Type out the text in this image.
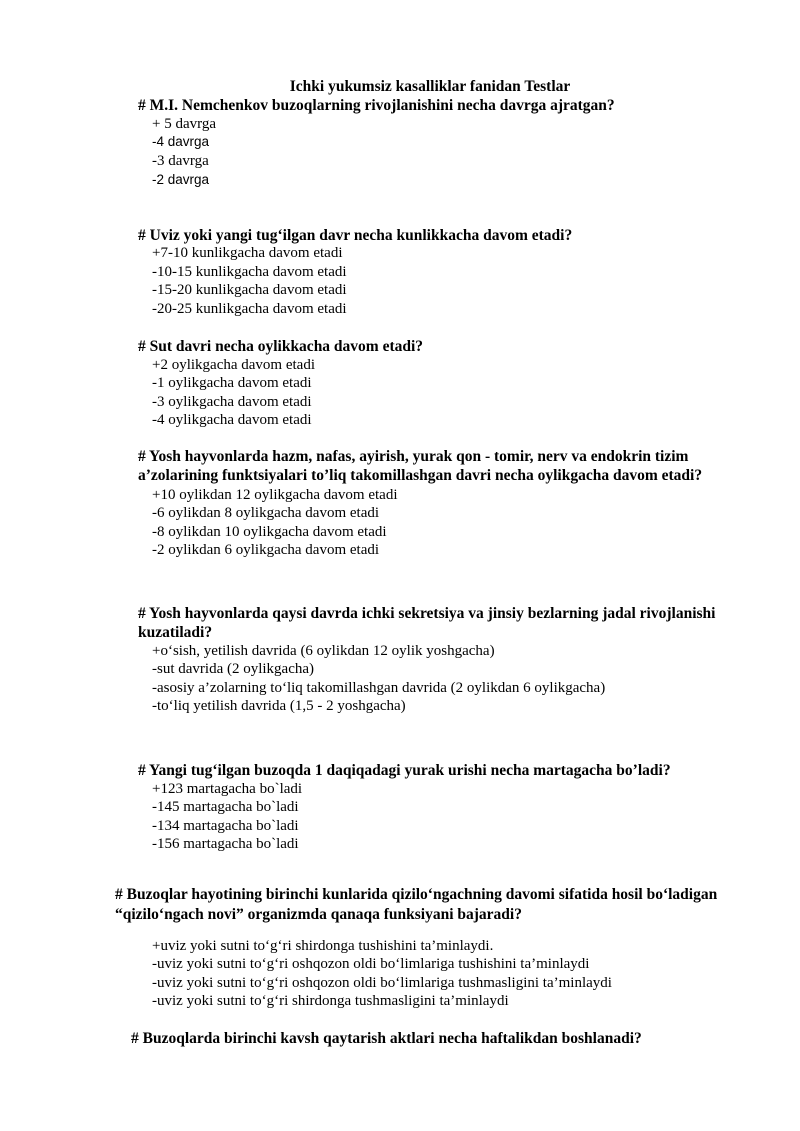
Ichki yukumsiz kasalliklar fanidan Testlar
# M.I. Nemchenkov buzoqlarning rivojlanishini necha davrga ajratgan?
+ 5 davrga
-4 davrga
-3 davrga
-2 davrga
# Uviz yoki yangi tug‘ilgan davr necha kunlikkacha davom etadi?
+7-10 kunlikgacha davom etadi
-10-15 kunlikgacha davom etadi
-15-20 kunlikgacha davom etadi
-20-25 kunlikgacha davom etadi
# Sut davri necha oylikkacha davom etadi?
+2 oylikgacha davom etadi
-1 oylikgacha davom etadi
-3 oylikgacha davom etadi
-4 oylikgacha davom etadi
# Yosh hayvonlarda hazm, nafas, ayirish, yurak qon - tomir, nerv va endokrin tizim
a’zolarining funktsiyalari to’liq takomillashgan davri necha oylikgacha davom etadi?
+10 oylikdan 12 oylikgacha davom etadi
-6 oylikdan 8 oylikgacha davom etadi
-8 oylikdan 10 oylikgacha davom etadi
-2 oylikdan 6 oylikgacha davom etadi
# Yosh hayvonlarda qaysi davrda ichki sekretsiya va jinsiy bezlarning jadal rivojlanishi
kuzatiladi?
+o‘sish, yetilish davrida (6 oylikdan 12 oylik yoshgacha)
-sut davrida (2 oylikgacha)
-asosiy a’zolarning to‘liq takomillashgan davrida (2 oylikdan 6 oylikgacha)
-to‘liq yetilish davrida (1,5 - 2 yoshgacha)
# Yangi tug‘ilgan buzoqda 1 daqiqadagi yurak urishi necha martagacha bo’ladi?
+123 martagacha bo`ladi
-145 martagacha bo`ladi
-134 martagacha bo`ladi
-156 martagacha bo`ladi
# Buzoqlar hayotining birinchi kunlarida qizilo‘ngachning davomi sifatida hosil bo‘ladigan
“qizilo‘ngach novi” organizmda qanaqa funksiyani bajaradi?
+uviz yoki sutni to‘g‘ri shirdonga tushishini ta’minlaydi.
-uviz yoki sutni to‘g‘ri oshqozon oldi bo‘limlariga tushishini ta’minlaydi
-uviz yoki sutni to‘g‘ri oshqozon oldi bo‘limlariga tushmasligini ta’minlaydi
-uviz yoki sutni to‘g‘ri shirdonga tushmasligini ta’minlaydi
# Buzoqlarda birinchi kavsh qaytarish aktlari necha haftalikdan boshlanadi?
